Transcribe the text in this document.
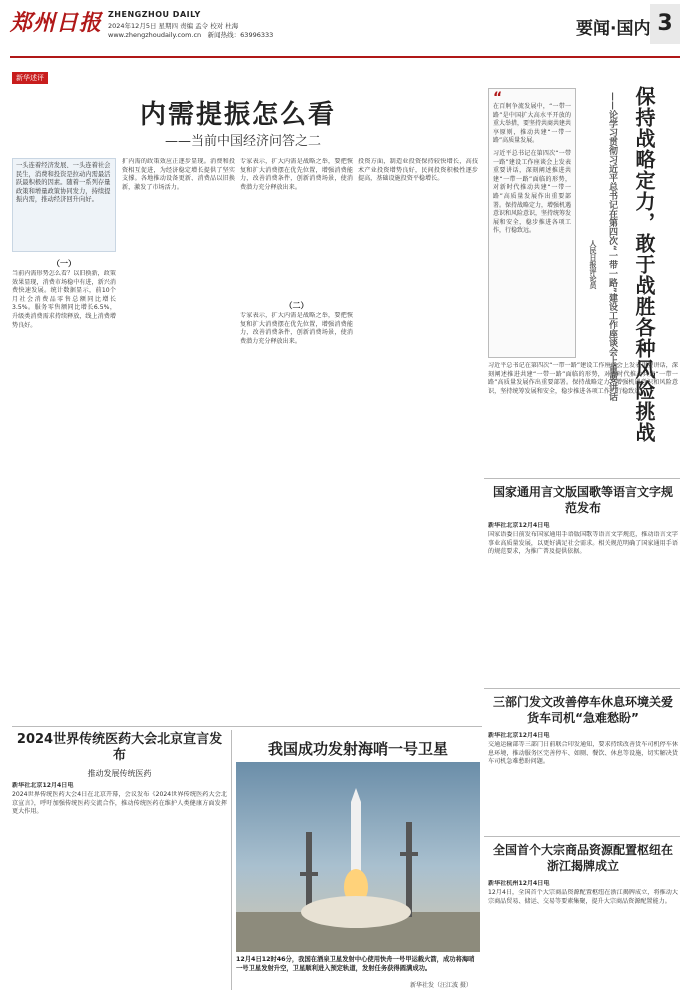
郑州日报 ZHENGZHOU DAILY
2024年12月5日 星期四 责编 孟令 校对 杜海
www.zhengzhoudaily.com.cn　 新闻热线：63996333	要闻·国内 3
新华述评
内需提振怎么看
——当前中国经济问答之二
一头连着经济发展、一头连着社会民生，消费和投资是拉动内需最活跃最积极的因素。随着一系列存量政策和增量政策协同发力，持续提振内需，推动经济回升向好。
（一）
当前内需形势怎么看？以旧换新，政策效果显现，消费市场稳中有进，新兴消费快速发展。统计数据显示，前10个月社会消费品零售总额同比增长3.5%。服务零售额同比增长6.5%，升级类消费需求持续释放，线上消费增势良好。
扩内需的政策效应正逐步显现。消费和投资相互促进，为经济稳定增长提供了坚实支撑。各地推动设备更新、消费品以旧换新，激发了市场活力。
（二）
专家表示，扩大内需是战略之举，要把恢复和扩大消费摆在优先位置，增强消费能力，改善消费条件，创新消费场景，使消费潜力充分释放出来。
专家表示，扩大内需是战略之举，要把恢复和扩大消费摆在优先位置，增强消费能力，改善消费条件，创新消费场景，使消费潜力充分释放出来。
投资方面，制造业投资保持较快增长，高技术产业投资增势良好，民间投资积极性逐步提高，基础设施投资平稳增长。
“
在百舸争流发展中，“一带一路”是中国扩大高水平开放的重大举措，要坚持共商共建共享原则，推动共建“一带一路”高质量发展。
习近平总书记在第四次“一带一路”建设工作座谈会上发表重要讲话，深刻阐述推进共建“一带一路”面临的形势，对新时代推动共建“一带一路”高质量发展作出重要部署。保持战略定力，增强机遇意识和风险意识，坚持统筹发展和安全，稳步推进各项工作，行稳致远。	保持战略定力，敢于战胜各种风险挑战
——论学习贯彻习近平总书记在第四次“一带一路”建设工作座谈会上重要讲话
人民日报评论员
习近平总书记在第四次“一带一路”建设工作座谈会上发表重要讲话，深刻阐述推进共建“一带一路”面临的形势，对新时代推动共建“一带一路”高质量发展作出重要部署。保持战略定力，增强机遇意识和风险意识，坚持统筹发展和安全，稳步推进各项工作，行稳致远。
国家通用言文版国歌等语言文字规范发布
新华社北京12月4日电
国家语委日前发布国家通用手语版国歌等语言文字规范，推动语言文字事业高质量发展，以更好满足社会需求。相关规范明确了国家通用手语的规范要求，为推广普及提供依据。
三部门发文改善停车休息环境关爱货车司机“急难愁盼”
新华社北京12月4日电
交通运输部等三部门日前联合印发通知，要求持续改善货车司机停车休息环境，推动服务区完善停车、如厕、餐饮、休息等设施，切实解决货车司机急难愁盼问题。
全国首个大宗商品资源配置枢纽在浙江揭牌成立
新华社杭州12月4日电
12月4日，全国首个大宗商品资源配置枢纽在浙江揭牌成立，将推动大宗商品贸易、储运、交易等要素集聚，提升大宗商品资源配置能力。
2024世界传统医药大会北京宣言发布
推动发展传统医药
新华社北京12月4日电
2024世界传统医药大会4日在北京开幕，会议发布《2024世界传统医药大会北京宣言》，呼吁加强传统医药交流合作，推动传统医药在维护人类健康方面发挥更大作用。
我国成功发射海哨一号卫星
12月4日12时46分，我国在酒泉卫星发射中心使用快舟一号甲运载火箭，成功将海哨一号卫星发射升空，卫星顺利进入预定轨道，发射任务获得圆满成功。
新华社发（汪江波 摄）
